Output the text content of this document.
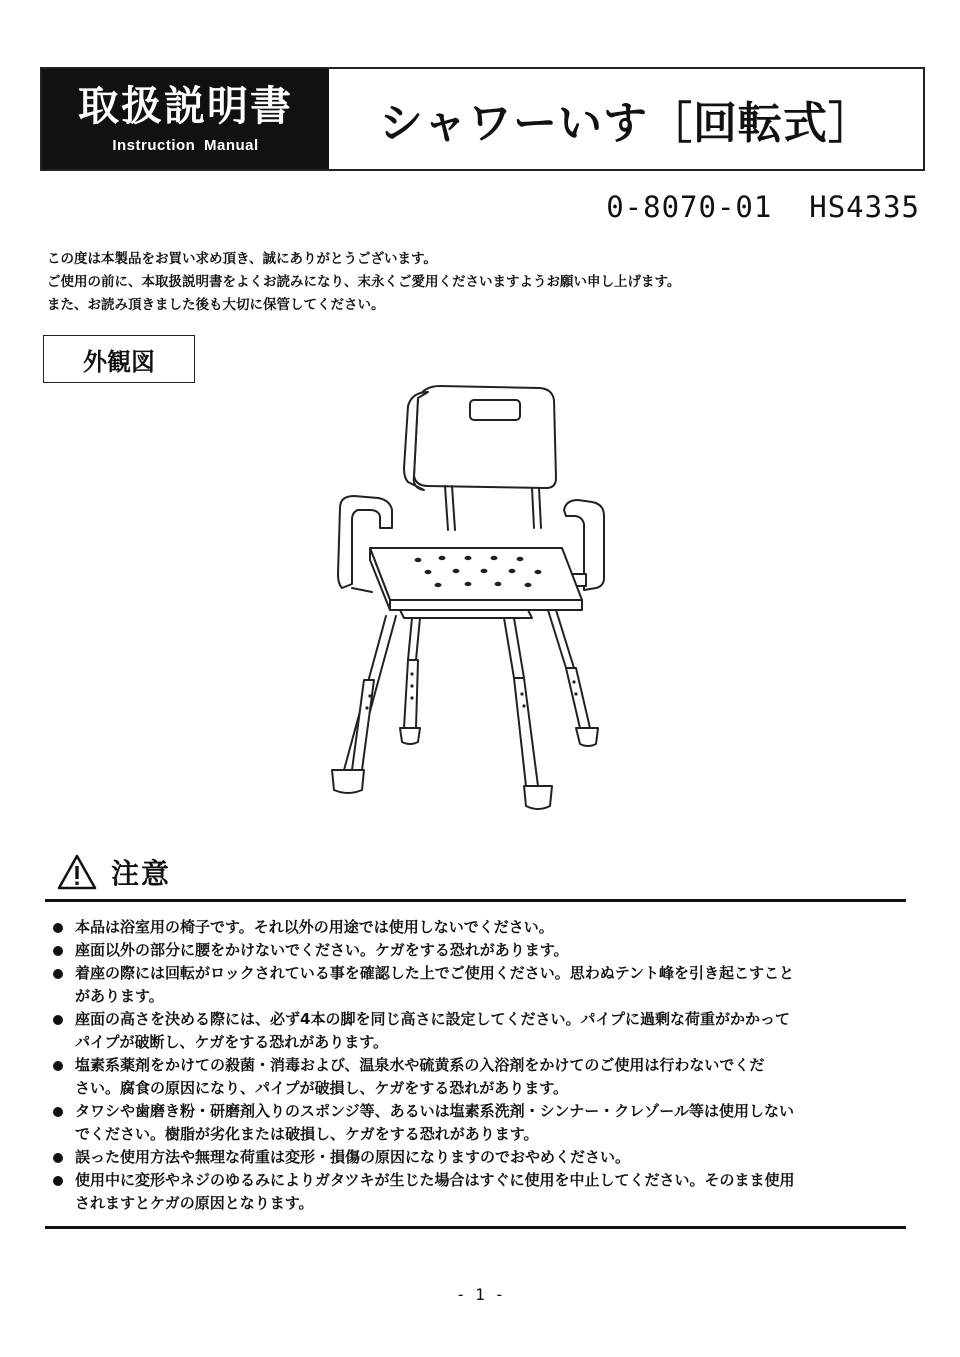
取扱説明書
Instruction Manual	シャワーいす［回転式］
0-8070-01  HS4335
この度は本製品をお買い求め頂き、誠にありがとうございます。
ご使用の前に、本取扱説明書をよくお読みになり、末永くご愛用くださいますようお願い申し上げます。
また、お読み頂きました後も大切に保管してください。
外観図
注意
本品は浴室用の椅子です。それ以外の用途では使用しないでください。
座面以外の部分に腰をかけないでください。ケガをする恐れがあります。
着座の際には回転がロックされている事を確認した上でご使用ください。思わぬテント峰を引き起こすこと
があります。
座面の高さを決める際には、必ず4本の脚を同じ高さに設定してください。パイプに過剰な荷重がかかって
パイプが破断し、ケガをする恐れがあります。
塩素系薬剤をかけての殺菌・消毒および、温泉水や硫黄系の入浴剤をかけてのご使用は行わないでくだ
さい。腐食の原因になり、パイプが破損し、ケガをする恐れがあります。
タワシや歯磨き粉・研磨剤入りのスポンジ等、あるいは塩素系洗剤・シンナー・クレゾール等は使用しない
でください。樹脂が劣化または破損し、ケガをする恐れがあります。
誤った使用方法や無理な荷重は変形・損傷の原因になりますのでおやめください。
使用中に変形やネジのゆるみによりガタツキが生じた場合はすぐに使用を中止してください。そのまま使用
されますとケガの原因となります。
- 1 -
